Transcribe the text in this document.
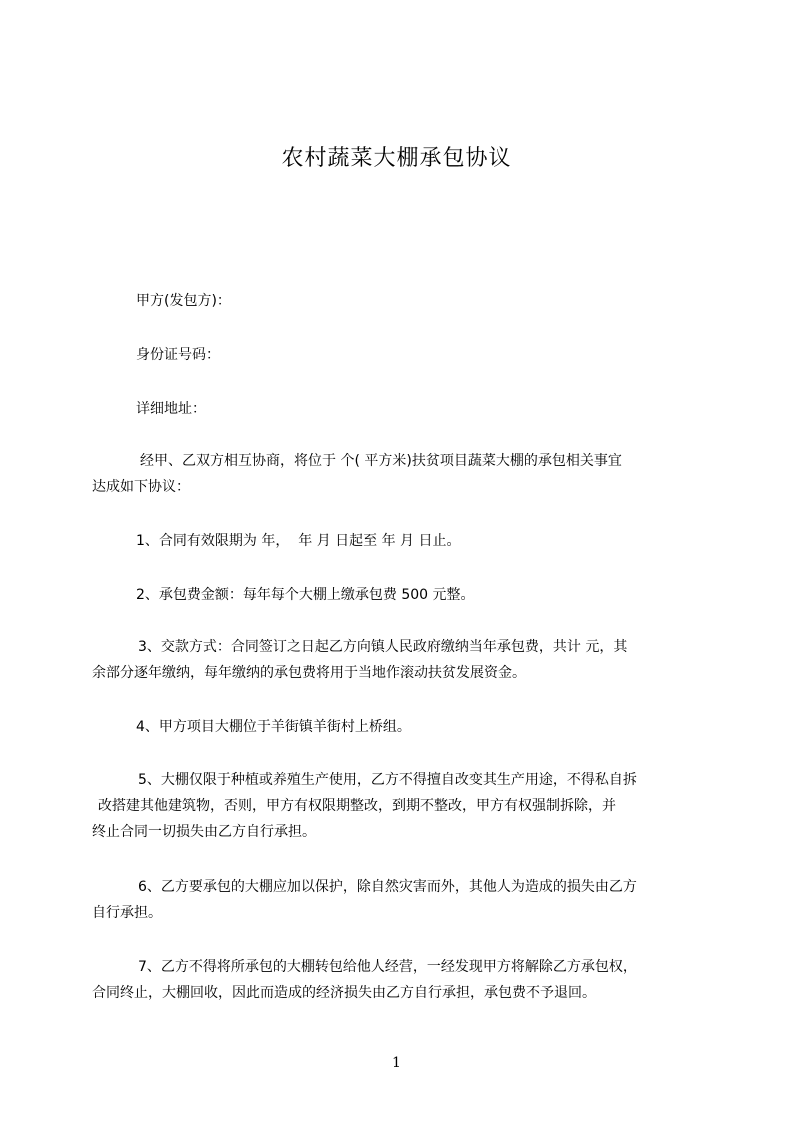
农村蔬菜大棚承包协议

甲方(发包方)：

身份证号码：

详细地址：

经甲、乙双方相互协商，将位于 个( 平方米)扶贫项目蔬菜大棚的承包相关事宜
达成如下协议：

1、合同有效限期为 年，  年 月 日起至 年 月 日止。

2、承包费金额：每年每个大棚上缴承包费 500 元整。

3、交款方式：合同签订之日起乙方向镇人民政府缴纳当年承包费，共计 元，其
余部分逐年缴纳，每年缴纳的承包费将用于当地作滚动扶贫发展资金。

4、甲方项目大棚位于羊街镇羊街村上桥组。

5、大棚仅限于种植或养殖生产使用，乙方不得擅自改变其生产用途，不得私自拆
改搭建其他建筑物，否则，甲方有权限期整改，到期不整改，甲方有权强制拆除，并
终止合同一切损失由乙方自行承担。
6、乙方要承包的大棚应加以保护，除自然灾害而外，其他人为造成的损失由乙方
自行承担。
7、乙方不得将所承包的大棚转包给他人经营，一经发现甲方将解除乙方承包权，
合同终止，大棚回收，因此而造成的经济损失由乙方自行承担，承包费不予退回。
1
